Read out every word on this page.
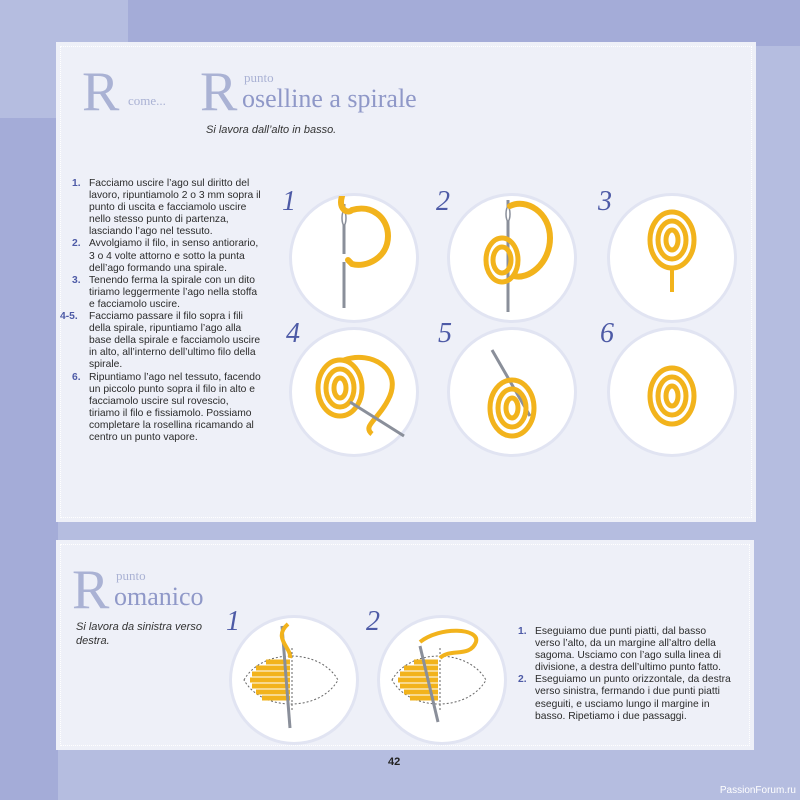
R come... R punto
oselline a spirale
Si lavora dall’alto in basso.
1. Facciamo uscire l’ago sul diritto del lavoro, ripuntiamolo 2 o 3 mm sopra il punto di uscita e facciamolo uscire nello stesso punto di partenza, lasciando l’ago nel tessuto.
2. Avvolgiamo il filo, in senso antiorario, 3 o 4 volte attorno e sotto la punta dell’ago formando una spirale.
3. Tenendo ferma la spirale con un dito tiriamo leggermente l’ago nella stoffa e facciamolo uscire.
4-5. Facciamo passare il filo sopra i fili della spirale, ripuntiamo l’ago alla base della spirale e facciamolo uscire in alto, all’interno dell’ultimo filo della spirale.
6. Ripuntiamo l’ago nel tessuto, facendo un piccolo punto sopra il filo in alto e facciamolo uscire sul rovescio, tiriamo il filo e fissiamolo. Possiamo completare la rosellina ricamando al centro un punto vapore.
1	2	3
4	5	6
R punto
omanico
Si lavora da sinistra verso destra.
1	2	1. Eseguiamo due punti piatti, dal basso verso l’alto, da un margine all’altro della sagoma. Usciamo con l’ago sulla linea di divisione, a destra dell’ultimo punto fatto.
2. Eseguiamo un punto orizzontale, da destra verso sinistra, fermando i due punti piatti eseguiti, e usciamo lungo il margine in basso. Ripetiamo i due passaggi.
42
PassionForum.ru
